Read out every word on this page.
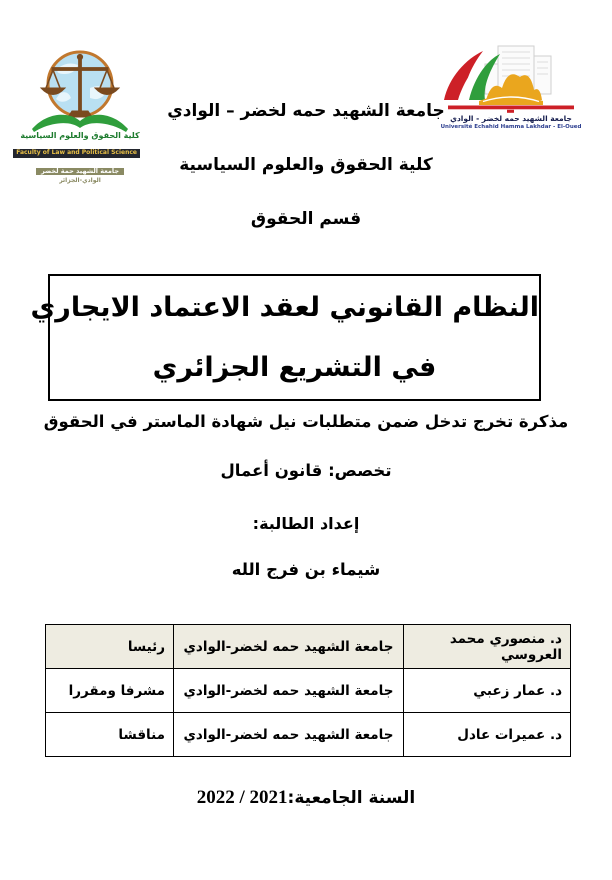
كلية الحقوق والعلوم السياسية
Faculty of Law and Political Science
جامعة الشهيد حمة لخضر
الوادي-الجزائر
جامعة الشهيد حمه لخضر - الوادي
Université Echahid Hamma Lakhdar - El-Oued
جامعة الشهيد حمه لخضر – الوادي
كلية الحقوق والعلوم السياسية
قسم الحقوق
النظام القانوني لعقد الاعتماد الايجاري
في التشريع الجزائري
مذكرة تخرج تدخل ضمن متطلبات نيل شهادة الماستر في الحقوق
تخصص: قانون أعمال
إعداد الطالبة:
شيماء بن فرج الله
د. منصوري محمد العروسي	جامعة الشهيد حمه لخضر-الوادي	رئيسا
د. عمار زعبي	جامعة الشهيد حمه لخضر-الوادي	مشرفا ومقررا
د. عميرات عادل	جامعة الشهيد حمه لخضر-الوادي	مناقشا
السنة الجامعية:2021 / 2022
